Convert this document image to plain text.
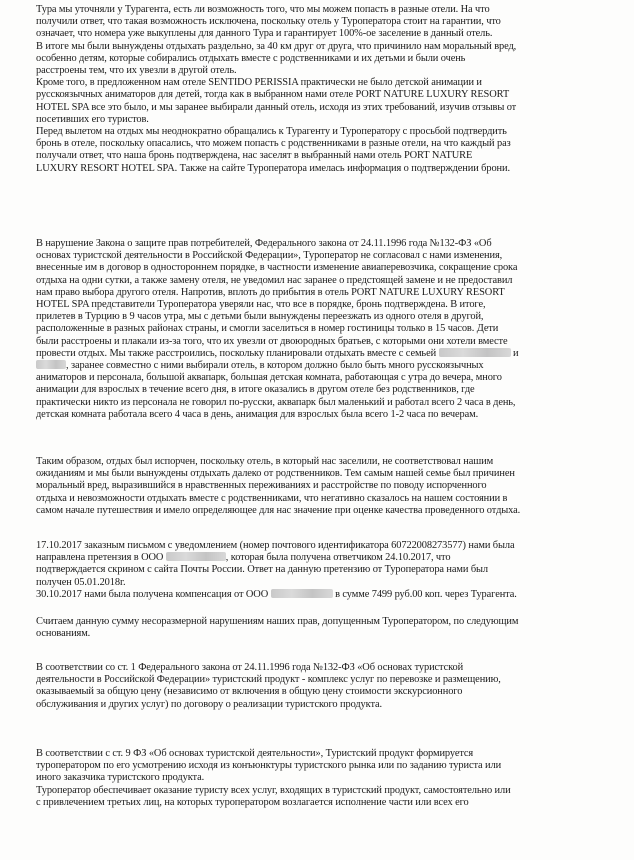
Тура мы уточняли у Турагента, есть ли возможность того, что мы можем попасть в разные отели. На что
получили ответ, что такая возможность исключена, поскольку отель у Туроператора стоит на гарантии, что
означает, что номера уже выкуплены для данного Тура и гарантирует 100%-ое заселение в данный отель.
В итоге мы были вынуждены отдыхать раздельно, за 40 км друг от друга, что причинило нам моральный вред,
особенно детям, которые собирались отдыхать вместе с родственниками и их детьми и были очень
расстроены тем, что их увезли в другой отель.
Кроме того, в предложенном нам отеле SENTIDO PERISSIA практически не было детской анимации и
русскоязычных аниматоров для детей, тогда как в выбранном нами отеле PORT NATURE LUXURY RESORT
HOTEL SPA все это было, и мы заранее выбирали данный отель, исходя из этих требований, изучив отзывы от
посетивших его туристов.
Перед вылетом на отдых мы неоднократно обращались к Турагенту и Туроператору с просьбой подтвердить
бронь в отеле, поскольку опасались, что можем попасть с родственниками в разные отели, на что каждый раз
получали ответ, что наша бронь подтверждена, нас заселят в выбранный нами отель PORT NATURE
LUXURY RESORT HOTEL SPA. Также на сайте Туроператора имелась информация о подтверждении брони.
В нарушение Закона о защите прав потребителей, Федерального закона от 24.11.1996 года №132-ФЗ «Об
основах туристской деятельности в Российской Федерации», Туроператор не согласовал с нами изменения,
внесенные им в договор в одностороннем порядке, в частности изменение авиаперевозчика, сокращение срока
отдыха на одни сутки, а также замену отеля, не уведомил нас заранее о предстоящей замене и не предоставил
нам право выбора другого отеля. Напротив, вплоть до прибытия в отель PORT NATURE LUXURY RESORT
HOTEL SPA представители Туроператора уверяли нас, что все в порядке, бронь подтверждена. В итоге,
прилетев в Турцию в 9 часов утра, мы с детьми были вынуждены переезжать из одного отеля в другой,
расположенные в разных районах страны, и смогли заселиться в номер гостиницы только в 15 часов. Дети
были расстроены и плакали из-за того, что их увезли от двоюродных братьев, с которыми они хотели вместе
провести отдых. Мы также расстроились, поскольку планировали отдыхать вместе с семьей	и
, заранее совместно с ними выбирали отель, в котором должно было быть много русскоязычных
аниматоров и персонала, большой аквапарк, большая детская комната, работающая с утра до вечера, много
анимации для взрослых в течение всего дня, в итоге оказались в другом отеле без родственников, где
практически никто из персонала не говорил по-русски, аквапарк был маленький и работал всего 2 часа в день,
детская комната работала всего 4 часа в день, анимация для взрослых была всего 1-2 часа по вечерам.
Таким образом, отдых был испорчен, поскольку отель, в который нас заселили, не соответствовал нашим
ожиданиям и мы были вынуждены отдыхать далеко от родственников. Тем самым нашей семье был причинен
моральный вред, выразившийся в нравственных переживаниях и расстройстве по поводу испорченного
отдыха и невозможности отдыхать вместе с родственниками, что негативно сказалось на нашем состоянии в
самом начале путешествия и имело определяющее для нас значение при оценке качества проведенного отдыха.
17.10.2017 заказным письмом с уведомлением (номер почтового идентификатора 60722008273577) нами была
направлена претензия в ООО	, которая была получена ответчиком 24.10.2017, что
подтверждается скрином с сайта Почты России. Ответ на данную претензию от Туроператора нами был
получен 05.01.2018г.
30.10.2017 нами была получена компенсация от ООО	в сумме 7499 руб.00 коп. через Турагента.
Считаем данную сумму несоразмерной нарушениям наших прав, допущенным Туроператором, по следующим
основаниям.
В соответствии со ст. 1 Федерального закона от 24.11.1996 года №132-ФЗ «Об основах туристской
деятельности в Российской Федерации» туристский продукт - комплекс услуг по перевозке и размещению,
оказываемый за общую цену (независимо от включения в общую цену стоимости экскурсионного
обслуживания и других услуг) по договору о реализации туристского продукта.
В соответствии с ст. 9 ФЗ «Об основах туристской деятельности», Туристский продукт формируется
туроператором по его усмотрению исходя из конъюнктуры туристского рынка или по заданию туриста или
иного заказчика туристского продукта.
Туроператор обеспечивает оказание туристу всех услуг, входящих в туристский продукт, самостоятельно или
с привлечением третьих лиц, на которых туроператором возлагается исполнение части или всех его
